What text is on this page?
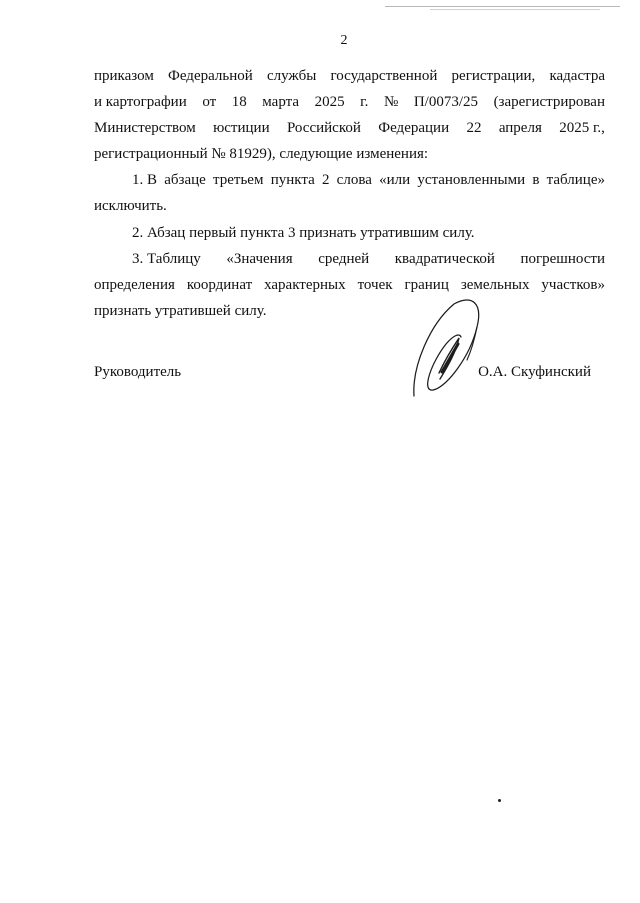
2
приказом Федеральной службы государственной регистрации, кадастра
и картографии от 18 марта 2025 г. № П/0073/25 (зарегистрирован
Министерством юстиции Российской Федерации 22 апреля 2025 г.,
регистрационный № 81929), следующие изменения:
1. В абзаце третьем пункта 2 слова «или установленными в таблице»
исключить.
2. Абзац первый пункта 3 признать утратившим силу.
3. Таблицу «Значения средней квадратической погрешности
определения координат характерных точек границ земельных участков»
признать утратившей силу.
Руководитель	О.А. Скуфинский
